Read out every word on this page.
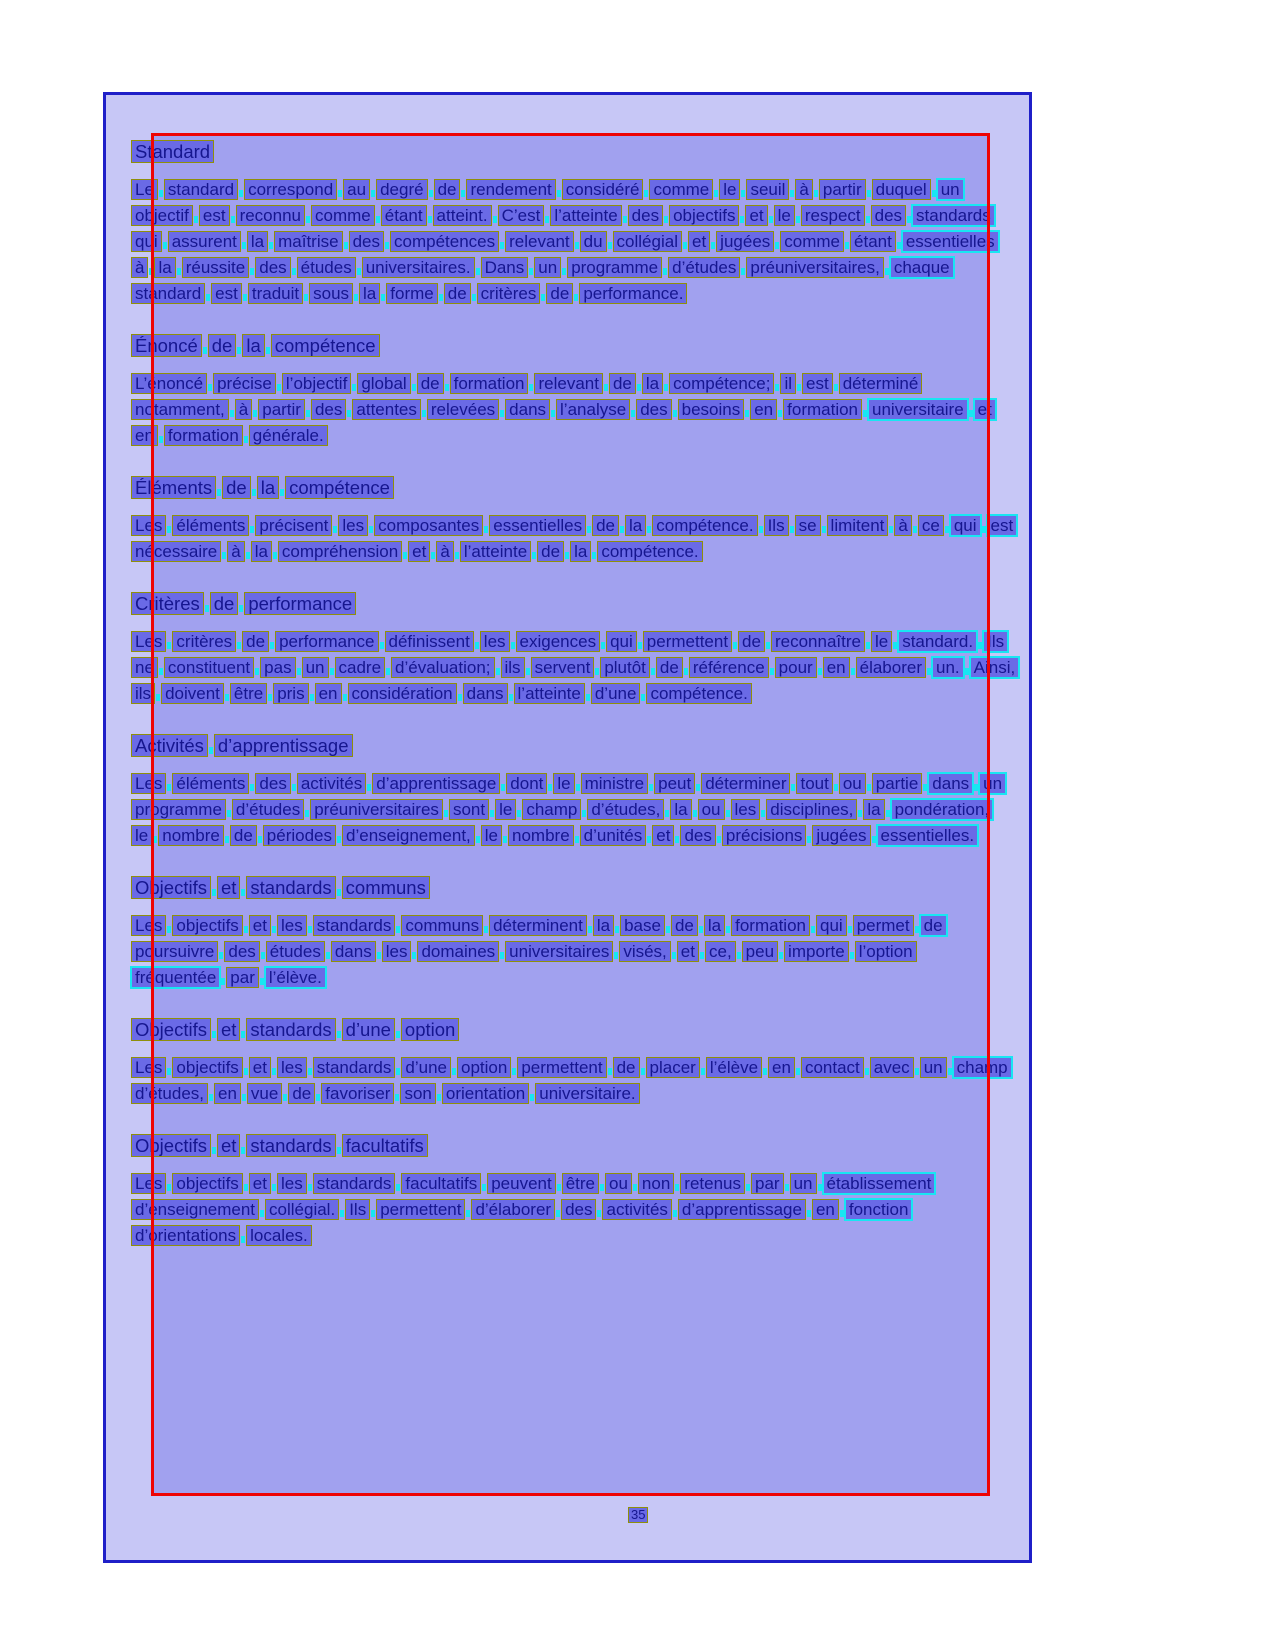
Standard
Le standard correspond au degré de rendement considéré comme le seuil à partir duquel un
objectif est reconnu comme étant atteint. C’est l’atteinte des objectifs et le respect des standards
qui assurent la maîtrise des compétences relevant du collégial et jugées comme étant essentielles
à la réussite des études universitaires. Dans un programme d’études préuniversitaires, chaque
standard est traduit sous la forme de critères de performance.
Énoncé de la compétence
L’énoncé précise l’objectif global de formation relevant de la compétence; il est déterminé
notamment, à partir des attentes relevées dans l’analyse des besoins en formation universitaire et
en formation générale.
Éléments de la compétence
Les éléments précisent les composantes essentielles de la compétence. Ils se limitent à ce qui est
nécessaire à la compréhension et à l’atteinte de la compétence.
Critères de performance
Les critères de performance définissent les exigences qui permettent de reconnaître le standard. Ils
ne constituent pas un cadre d’évaluation; ils servent plutôt de référence pour en élaborer un. Ainsi,
ils doivent être pris en considération dans l’atteinte d’une compétence.
Activités d’apprentissage
Les éléments des activités d’apprentissage dont le ministre peut déterminer tout ou partie dans un
programme d’études préuniversitaires sont le champ d’études, la ou les disciplines, la pondération,
le nombre de périodes d’enseignement, le nombre d’unités et des précisions jugées essentielles.
Objectifs et standards communs
Les objectifs et les standards communs déterminent la base de la formation qui permet de
poursuivre des études dans les domaines universitaires visés, et ce, peu importe l’option
fréquentée par l’élève.
Objectifs et standards d’une option
Les objectifs et les standards d’une option permettent de placer l’élève en contact avec un champ
d’études, en vue de favoriser son orientation universitaire.
Objectifs et standards facultatifs
Les objectifs et les standards facultatifs peuvent être ou non retenus par un établissement
d’enseignement collégial. Ils permettent d’élaborer des activités d’apprentissage en fonction
d’orientations locales.
35
